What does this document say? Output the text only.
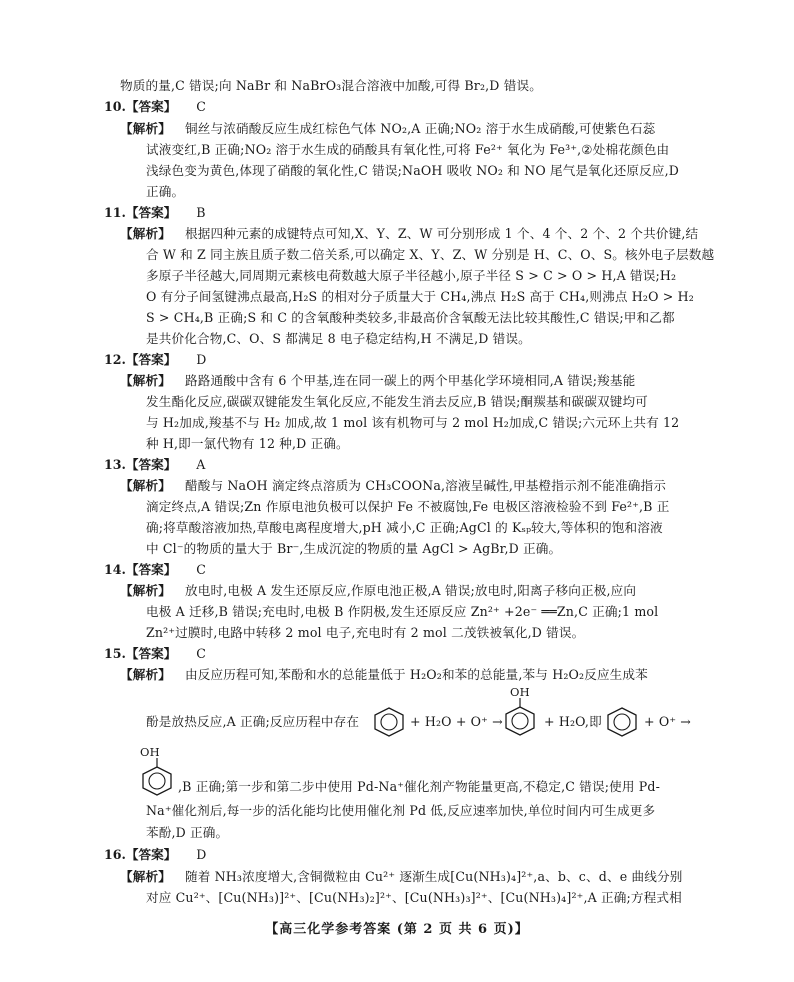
物质的量,C 错误;向 NaBr 和 NaBrO₃混合溶液中加酸,可得 Br₂,D 错误。
10.【答案】 C
【解析】 铜丝与浓硝酸反应生成红棕色气体 NO₂,A 正确;NO₂ 溶于水生成硝酸,可使紫色石蕊
试液变红,B 正确;NO₂ 溶于水生成的硝酸具有氧化性,可将 Fe²⁺ 氧化为 Fe³⁺,②处棉花颜色由
浅绿色变为黄色,体现了硝酸的氧化性,C 错误;NaOH 吸收 NO₂ 和 NO 尾气是氧化还原反应,D
正确。
11.【答案】 B
【解析】 根据四种元素的成键特点可知,X、Y、Z、W 可分别形成 1 个、4 个、2 个、2 个共价键,结
合 W 和 Z 同主族且质子数二倍关系,可以确定 X、Y、Z、W 分别是 H、C、O、S。核外电子层数越
多原子半径越大,同周期元素核电荷数越大原子半径越小,原子半径 S > C > O > H,A 错误;H₂
O 有分子间氢键沸点最高,H₂S 的相对分子质量大于 CH₄,沸点 H₂S 高于 CH₄,则沸点 H₂O > H₂
S > CH₄,B 正确;S 和 C 的含氧酸种类较多,非最高价含氧酸无法比较其酸性,C 错误;甲和乙都
是共价化合物,C、O、S 都满足 8 电子稳定结构,H 不满足,D 错误。
12.【答案】 D
【解析】 路路通酸中含有 6 个甲基,连在同一碳上的两个甲基化学环境相同,A 错误;羧基能
发生酯化反应,碳碳双键能发生氧化反应,不能发生消去反应,B 错误;酮羰基和碳碳双键均可
与 H₂加成,羧基不与 H₂ 加成,故 1 mol 该有机物可与 2 mol H₂加成,C 错误;六元环上共有 12
种 H,即一氯代物有 12 种,D 正确。
13.【答案】 A
【解析】 醋酸与 NaOH 滴定终点溶质为 CH₃COONa,溶液呈碱性,甲基橙指示剂不能准确指示
滴定终点,A 错误;Zn 作原电池负极可以保护 Fe 不被腐蚀,Fe 电极区溶液检验不到 Fe²⁺,B 正
确;将草酸溶液加热,草酸电离程度增大,pH 减小,C 正确;AgCl 的 Kₛₚ较大,等体积的饱和溶液
中 Cl⁻的物质的量大于 Br⁻,生成沉淀的物质的量 AgCl > AgBr,D 正确。
14.【答案】 C
【解析】 放电时,电极 A 发生还原反应,作原电池正极,A 错误;放电时,阳离子移向正极,应向
电极 A 迁移,B 错误;充电时,电极 B 作阴极,发生还原反应 Zn²⁺ +2e⁻ ══Zn,C 正确;1 mol
Zn²⁺过膜时,电路中转移 2 mol 电子,充电时有 2 mol 二茂铁被氧化,D 错误。
15.【答案】 C
【解析】 由反应历程可知,苯酚和水的总能量低于 H₂O₂和苯的总能量,苯与 H₂O₂反应生成苯
酚是放热反应,A 正确;反应历程中存在	+ H₂O + O⁺ →
OH
+ H₂O,即	+ O⁺ →
OH
,B 正确;第一步和第二步中使用 Pd-Na⁺催化剂产物能量更高,不稳定,C 错误;使用 Pd-
Na⁺催化剂后,每一步的活化能均比使用催化剂 Pd 低,反应速率加快,单位时间内可生成更多
苯酚,D 正确。
16.【答案】 D
【解析】 随着 NH₃浓度增大,含铜微粒由 Cu²⁺ 逐渐生成[Cu(NH₃)₄]²⁺,a、b、c、d、e 曲线分别
对应 Cu²⁺、[Cu(NH₃)]²⁺、[Cu(NH₃)₂]²⁺、[Cu(NH₃)₃]²⁺、[Cu(NH₃)₄]²⁺,A 正确;方程式相
【高三化学参考答案 (第 2 页 共 6 页)】
